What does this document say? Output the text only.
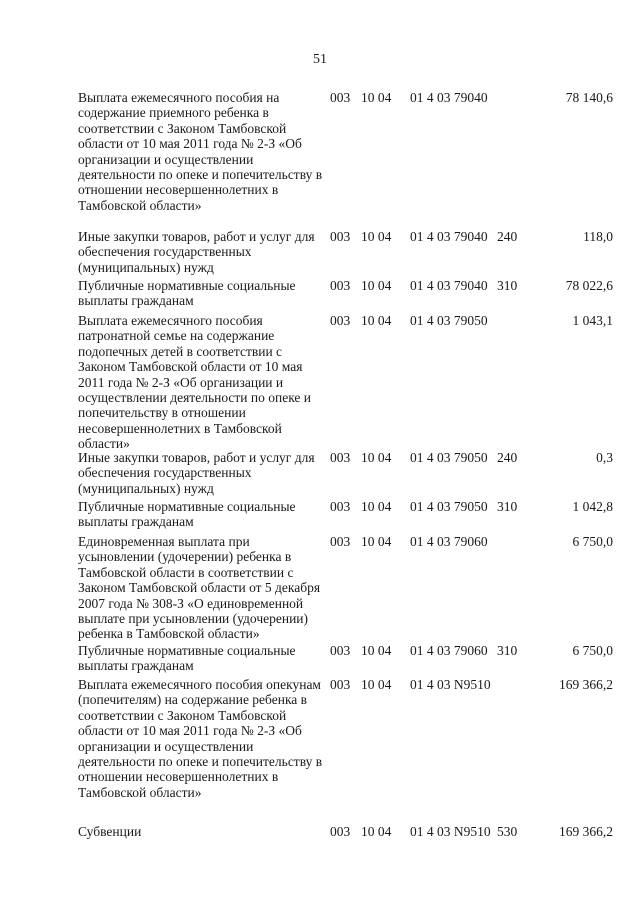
51
Выплата ежемесячного пособия на содержание приемного ребенка в соответствии с Законом Тамбовской области от 10 мая 2011 года № 2-З «Об организации и осуществлении деятельности по опеке и попечительству в отношении несовершеннолетних в Тамбовской области»
003 10 04 01 4 03 79040	78 140,6
Иные закупки товаров, работ и услуг для обеспечения государственных (муниципальных) нужд
003 10 04 01 4 03 79040 240	118,0
Публичные нормативные социальные выплаты гражданам
003 10 04 01 4 03 79040 310	78 022,6
Выплата ежемесячного пособия патронатной семье на содержание подопечных детей в соответствии с Законом Тамбовской области от 10 мая 2011 года № 2-З «Об организации и осуществлении деятельности по опеке и попечительству в отношении несовершеннолетних в Тамбовской области»
003 10 04 01 4 03 79050	1 043,1
Иные закупки товаров, работ и услуг для обеспечения государственных (муниципальных) нужд
003 10 04 01 4 03 79050 240	0,3
Публичные нормативные социальные выплаты гражданам
003 10 04 01 4 03 79050 310	1 042,8
Единовременная выплата при усыновлении (удочерении) ребенка в Тамбовской области в соответствии с Законом Тамбовской области от 5 декабря 2007 года № 308-З «О единовременной выплате при усыновлении (удочерении) ребенка в Тамбовской области»
003 10 04 01 4 03 79060	6 750,0
Публичные нормативные социальные выплаты гражданам
003 10 04 01 4 03 79060 310	6 750,0
Выплата ежемесячного пособия опекунам (попечителям) на содержание ребенка в соответствии с Законом Тамбовской области от 10 мая 2011 года № 2-З «Об организации и осуществлении деятельности по опеке и попечительству в отношении несовершеннолетних в Тамбовской области»
003 10 04 01 4 03 N9510	169 366,2
Субвенции	003 10 04 01 4 03 N9510 530	169 366,2
